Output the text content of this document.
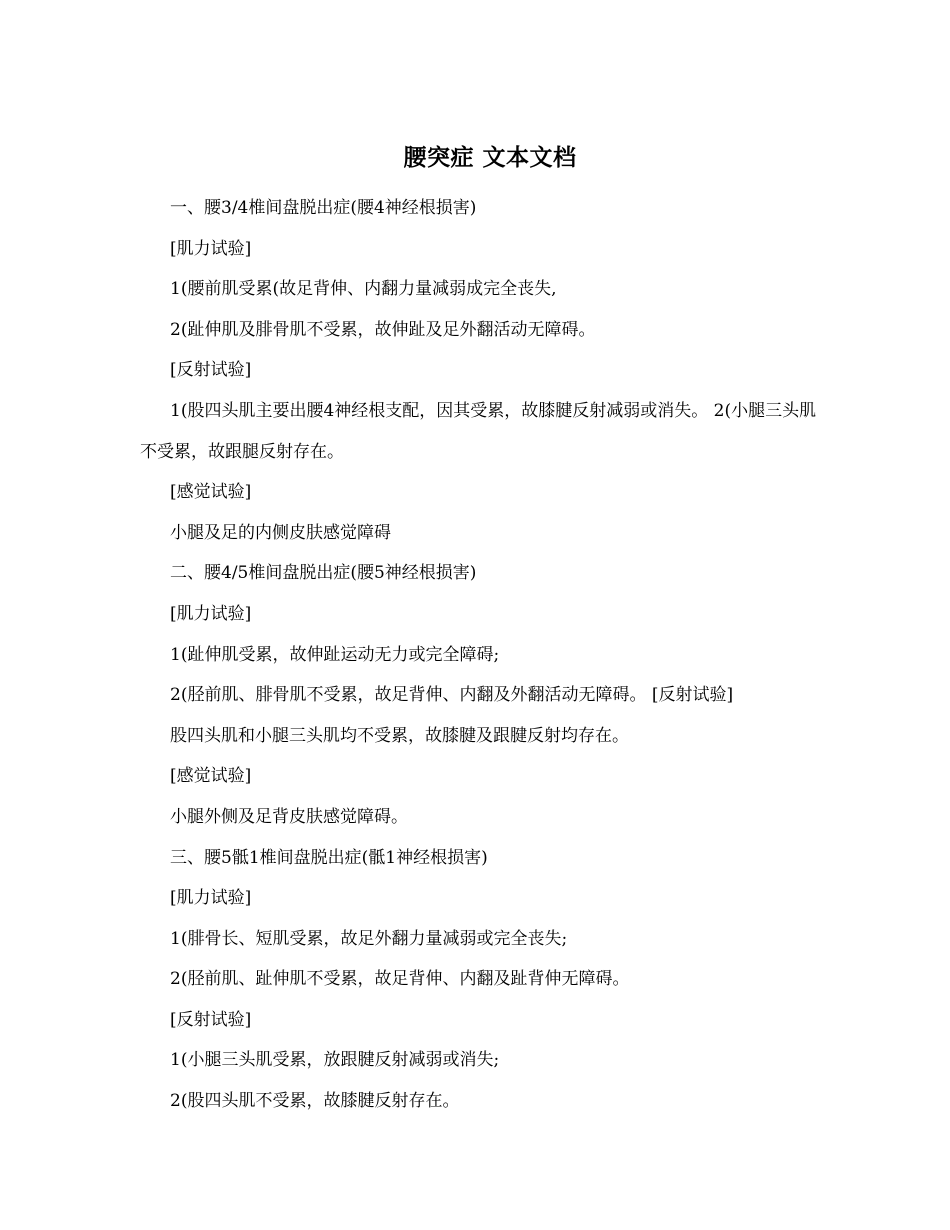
腰突症 文本文档

一、腰3/4椎间盘脱出症(腰4神经根损害)

[肌力试验]

1(腰前肌受累(故足背伸、内翻力量减弱成完全丧失,

2(趾伸肌及腓骨肌不受累，故伸趾及足外翻活动无障碍。

[反射试验]

1(股四头肌主要出腰4神经根支配，因其受累，故膝腱反射减弱或消失。 2(小腿三头肌不受累，故跟腿反射存在。

[感觉试验]

小腿及足的内侧皮肤感觉障碍

二、腰4/5椎间盘脱出症(腰5神经根损害)

[肌力试验]

1(趾伸肌受累，故伸趾运动无力或完全障碍;

2(胫前肌、腓骨肌不受累，故足背伸、内翻及外翻活动无障碍。 [反射试验]

股四头肌和小腿三头肌均不受累，故膝腱及跟腱反射均存在。

[感觉试验]

小腿外侧及足背皮肤感觉障碍。

三、腰5骶1椎间盘脱出症(骶1神经根损害)

[肌力试验]

1(腓骨长、短肌受累，故足外翻力量减弱或完全丧失;

2(胫前肌、趾伸肌不受累，故足背伸、内翻及趾背伸无障碍。

[反射试验]

1(小腿三头肌受累，放跟腱反射减弱或消失;

2(股四头肌不受累，故膝腱反射存在。
